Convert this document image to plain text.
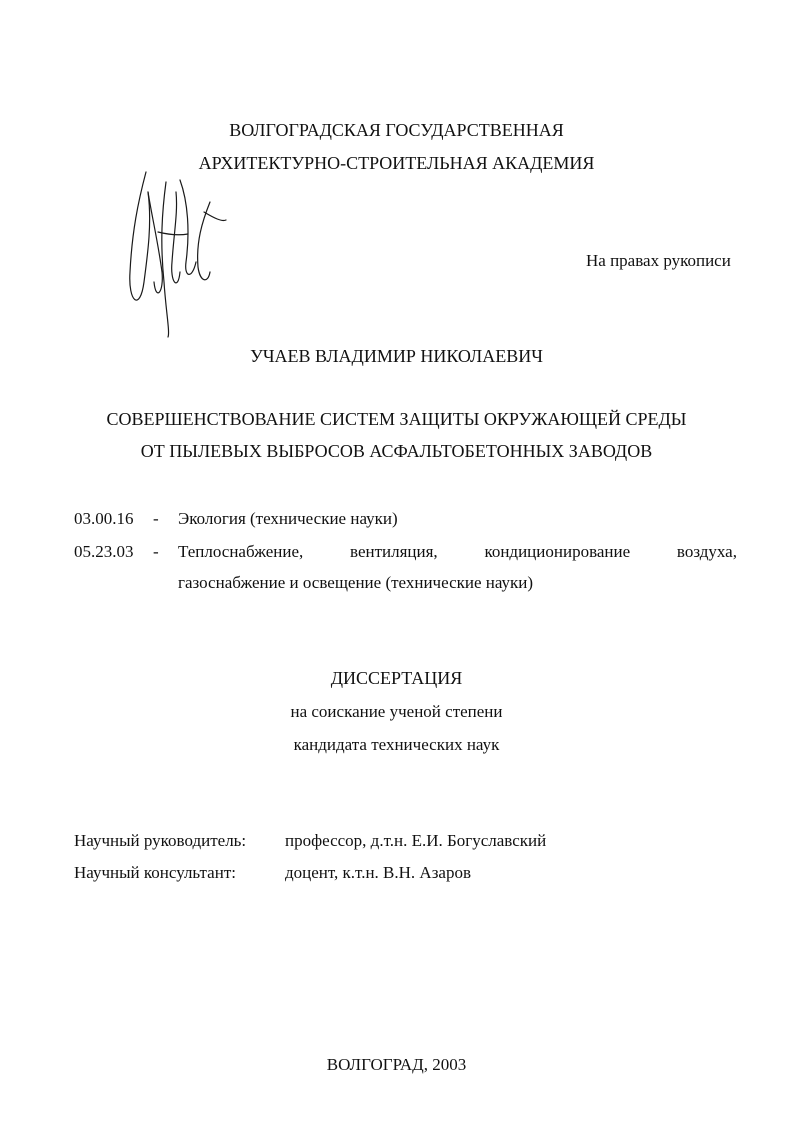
ВОЛГОГРАДСКАЯ ГОСУДАРСТВЕННАЯ
АРХИТЕКТУРНО-СТРОИТЕЛЬНАЯ АКАДЕМИЯ
На правах рукописи
УЧАЕВ ВЛАДИМИР НИКОЛАЕВИЧ
СОВЕРШЕНСТВОВАНИЕ СИСТЕМ ЗАЩИТЫ ОКРУЖАЮЩЕЙ СРЕДЫ
ОТ ПЫЛЕВЫХ ВЫБРОСОВ АСФАЛЬТОБЕТОННЫХ ЗАВОДОВ
03.00.16 - Экология (технические науки)
05.23.03 - Теплоснабжение,	вентиляция,	кондиционирование	воздуха,
газоснабжение и освещение (технические науки)
ДИССЕРТАЦИЯ
на соискание ученой степени
кандидата технических наук
Научный руководитель: профессор, д.т.н. Е.И. Богуславский
Научный консультант:	доцент, к.т.н. В.Н. Азаров
ВОЛГОГРАД, 2003
